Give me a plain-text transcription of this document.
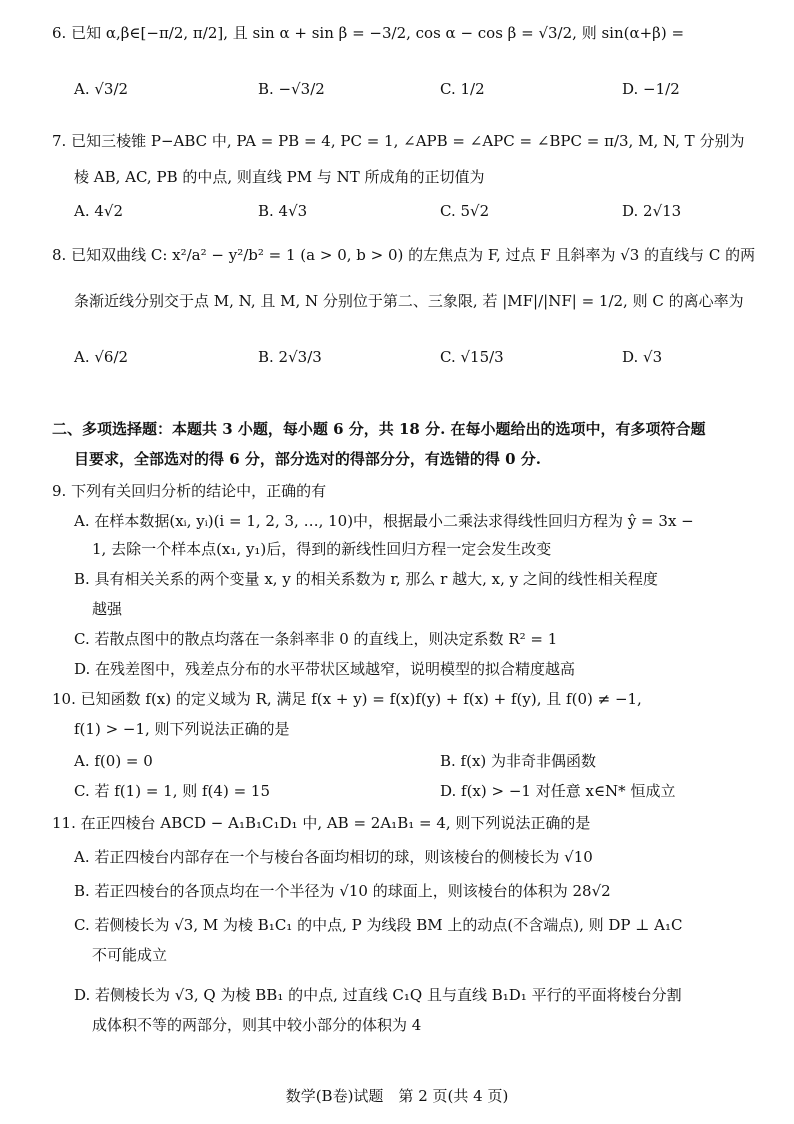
6. 已知 α,β∈[−π/2, π/2], 且 sin α + sin β = −3/2, cos α − cos β = √3/2, 则 sin(α+β) =
A. √3/2	B. −√3/2	C. 1/2	D. −1/2
7. 已知三棱锥 P−ABC 中, PA = PB = 4, PC = 1, ∠APB = ∠APC = ∠BPC = π/3, M, N, T 分别为
棱 AB, AC, PB 的中点, 则直线 PM 与 NT 所成角的正切值为
A. 4√2	B. 4√3	C. 5√2	D. 2√13
8. 已知双曲线 C: x²/a² − y²/b² = 1 (a > 0, b > 0) 的左焦点为 F, 过点 F 且斜率为 √3 的直线与 C 的两
条渐近线分别交于点 M, N, 且 M, N 分别位于第二、三象限, 若 |MF|/|NF| = 1/2, 则 C 的离心率为
A. √6/2	B. 2√3/3	C. √15/3	D. √3
二、多项选择题：本题共 3 小题，每小题 6 分，共 18 分. 在每小题给出的选项中，有多项符合题
目要求，全部选对的得 6 分，部分选对的得部分分，有选错的得 0 分.
9. 下列有关回归分析的结论中，正确的有
A. 在样本数据(xᵢ, yᵢ)(i = 1, 2, 3, …, 10)中，根据最小二乘法求得线性回归方程为 ŷ = 3x −
1, 去除一个样本点(x₁, y₁)后，得到的新线性回归方程一定会发生改变
B. 具有相关关系的两个变量 x, y 的相关系数为 r, 那么 r 越大, x, y 之间的线性相关程度
越强
C. 若散点图中的散点均落在一条斜率非 0 的直线上，则决定系数 R² = 1
D. 在残差图中，残差点分布的水平带状区域越窄，说明模型的拟合精度越高
10. 已知函数 f(x) 的定义域为 R, 满足 f(x + y) = f(x)f(y) + f(x) + f(y), 且 f(0) ≠ −1,
f(1) > −1, 则下列说法正确的是
A. f(0) = 0	B. f(x) 为非奇非偶函数
C. 若 f(1) = 1, 则 f(4) = 15	D. f(x) > −1 对任意 x∈N* 恒成立
11. 在正四棱台 ABCD − A₁B₁C₁D₁ 中, AB = 2A₁B₁ = 4, 则下列说法正确的是
A. 若正四棱台内部存在一个与棱台各面均相切的球，则该棱台的侧棱长为 √10
B. 若正四棱台的各顶点均在一个半径为 √10 的球面上，则该棱台的体积为 28√2
C. 若侧棱长为 √3, M 为棱 B₁C₁ 的中点, P 为线段 BM 上的动点(不含端点), 则 DP ⊥ A₁C
不可能成立
D. 若侧棱长为 √3, Q 为棱 BB₁ 的中点, 过直线 C₁Q 且与直线 B₁D₁ 平行的平面将棱台分割
成体积不等的两部分，则其中较小部分的体积为 4
数学(B卷)试题　第 2 页(共 4 页)
